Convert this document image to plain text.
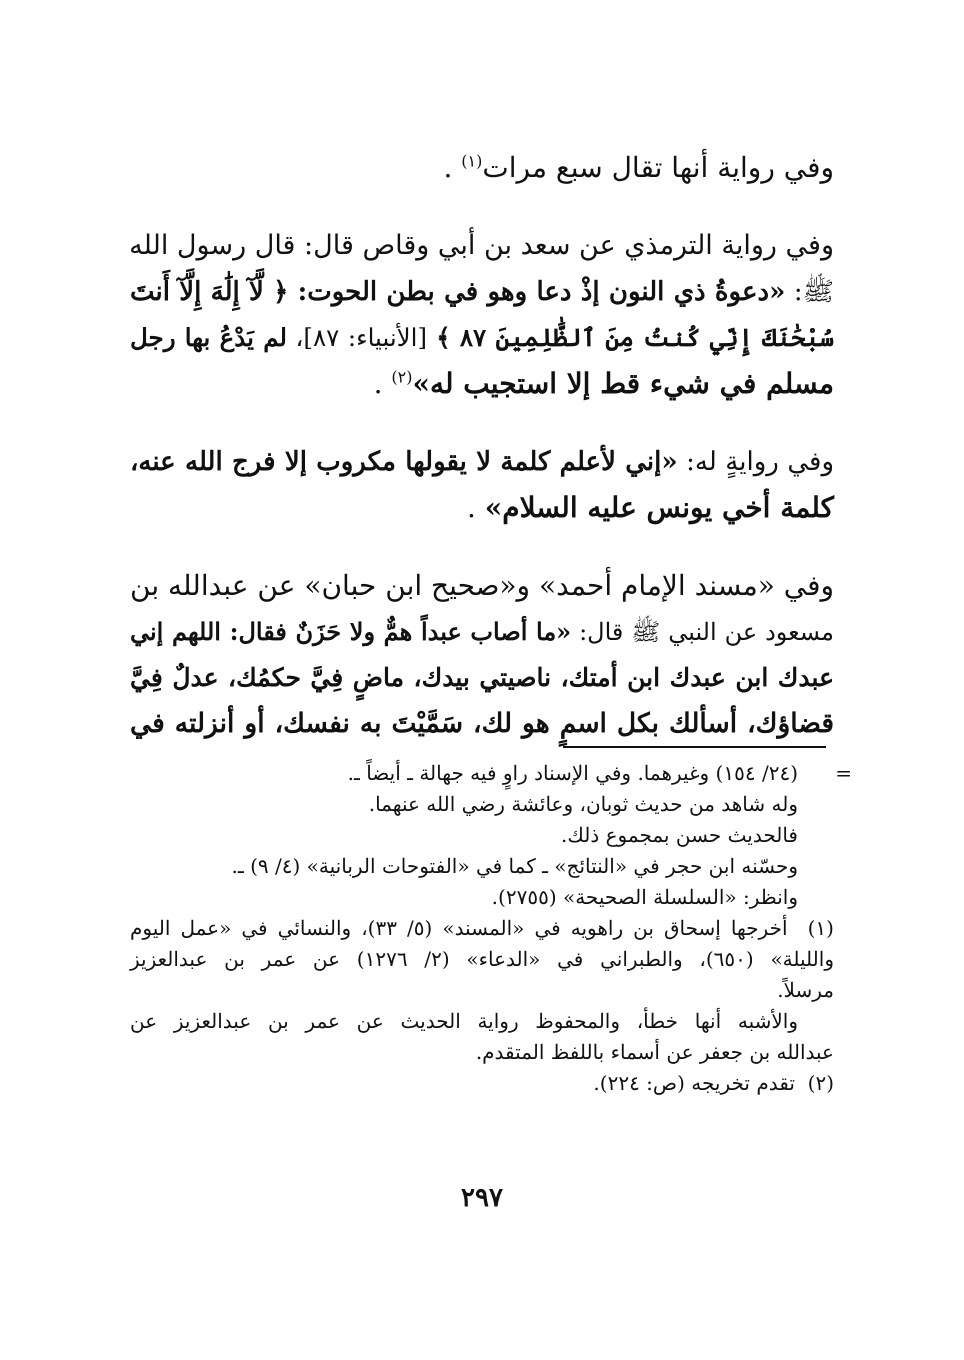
وفي رواية أنها تقال سبع مرات$^{(١)}$ .
وفي رواية الترمذي عن سعد بن أبي وقاص قال: قال رسول الله
ﷺ: «دعوةُ ذي النون إذْ دعا وهو في بطن الحوت: ﴿ لَّآ إِلَٰهَ إِلَّآ أَنتَ
سُبْحَٰنَكَ إِنِّي كُنتُ مِنَ ٱلظَّٰلِمِينَ ٨٧ ﴾ [الأنبياء: ٨٧]، لم يَدْعُ بها رجل
مسلم في شيء قط إلا استجيب له»$^{(٢)}$ .
وفي روايةٍ له: «إني لأعلم كلمة لا يقولها مكروب إلا فرج الله عنه،
كلمة أخي يونس عليه السلام» .
وفي «مسند الإمام أحمد» و«صحيح ابن حبان» عن عبدالله بن
مسعود عن النبي ﷺ قال: «ما أصاب عبداً همٌّ ولا حَزَنٌ فقال: اللهم إني
عبدك ابن عبدك ابن أمتك، ناصيتي بيدك، ماضٍ فِيَّ حكمُك، عدلٌ فِيَّ
قضاؤك، أسألك بكل اسمٍ هو لك، سَمَّيْتَ به نفسك، أو أنزلته في
=
(٢٤/ ١٥٤) وغيرهما. وفي الإسناد راوٍ فيه جهالة ـ أيضاً ـ.
وله شاهد من حديث ثوبان، وعائشة رضي الله عنهما.
فالحديث حسن بمجموع ذلك.
وحسّنه ابن حجر في «النتائج» ـ كما في «الفتوحات الربانية» (٤/ ٩) ـ.
وانظر: «السلسلة الصحيحة» (٢٧٥٥).
(١)  أخرجها إسحاق بن راهويه في «المسند» (٥/ ٣٣)، والنسائي في «عمل اليوم
والليلة» (٦٥٠)، والطبراني في «الدعاء» (٢/ ١٢٧٦) عن عمر بن عبدالعزيز
مرسلاً.
والأشبه أنها خطأ، والمحفوظ رواية الحديث عن عمر بن عبدالعزيز عن
عبدالله بن جعفر عن أسماء باللفظ المتقدم.
(٢)  تقدم تخريجه (ص: ٢٢٤).
٢٩٧
